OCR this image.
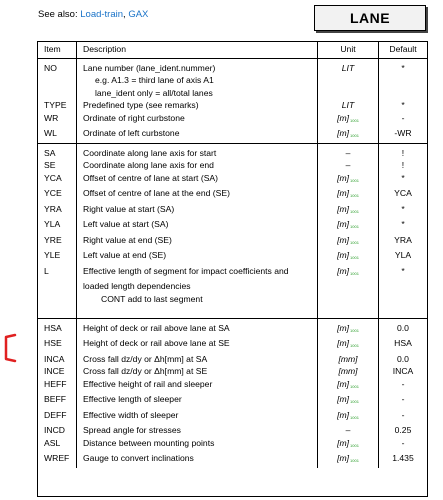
See also: Load-train, GAX	LANE
Item	Description	Unit	Default
NO	Lane number (lane_ident.nummer)	LIT	*
	e.g. A1.3 = third lane of axis A1		
	lane_ident only = all/total lanes		
TYPE	Predefined type (see remarks)	LIT	*
WR	Ordinate of right curbstone	[m]1001	-
WL	Ordinate of left curbstone	[m]1001	-WR
SA	Coordinate along lane axis for start	–	!
SE	Coordinate along lane axis for end	–	!
YCA	Offset of centre of lane at start (SA)	[m]1001	*
YCE	Offset of centre of lane at the end (SE)	[m]1001	YCA
YRA	Right value at start (SA)	[m]1001	*
YLA	Left value at start (SA)	[m]1001	*
YRE	Right value at end (SE)	[m]1001	YRA
YLE	Left value at end (SE)	[m]1001	YLA
L	Effective length of segment for impact coefficients and	[m]1001	*
	loaded length dependencies		
	CONT add to last segment		

HSA	Height of deck or rail above lane at SA	[m]1001	0.0
HSE	Height of deck or rail above lane at SE	[m]1001	HSA
INCA	Cross fall dz/dy or Δh[mm] at SA	[mm]	0.0
INCE	Cross fall dz/dy or Δh[mm] at SE	[mm]	INCA
HEFF	Effective height of rail and sleeper	[m]1001	-
BEFF	Effective length of sleeper	[m]1001	-
DEFF	Effective width of sleeper	[m]1001	-
INCD	Spread angle for stresses	–	0.25
ASL	Distance between mounting points	[m]1001	-
WREF	Gauge to convert inclinations	[m]1001	1.435
